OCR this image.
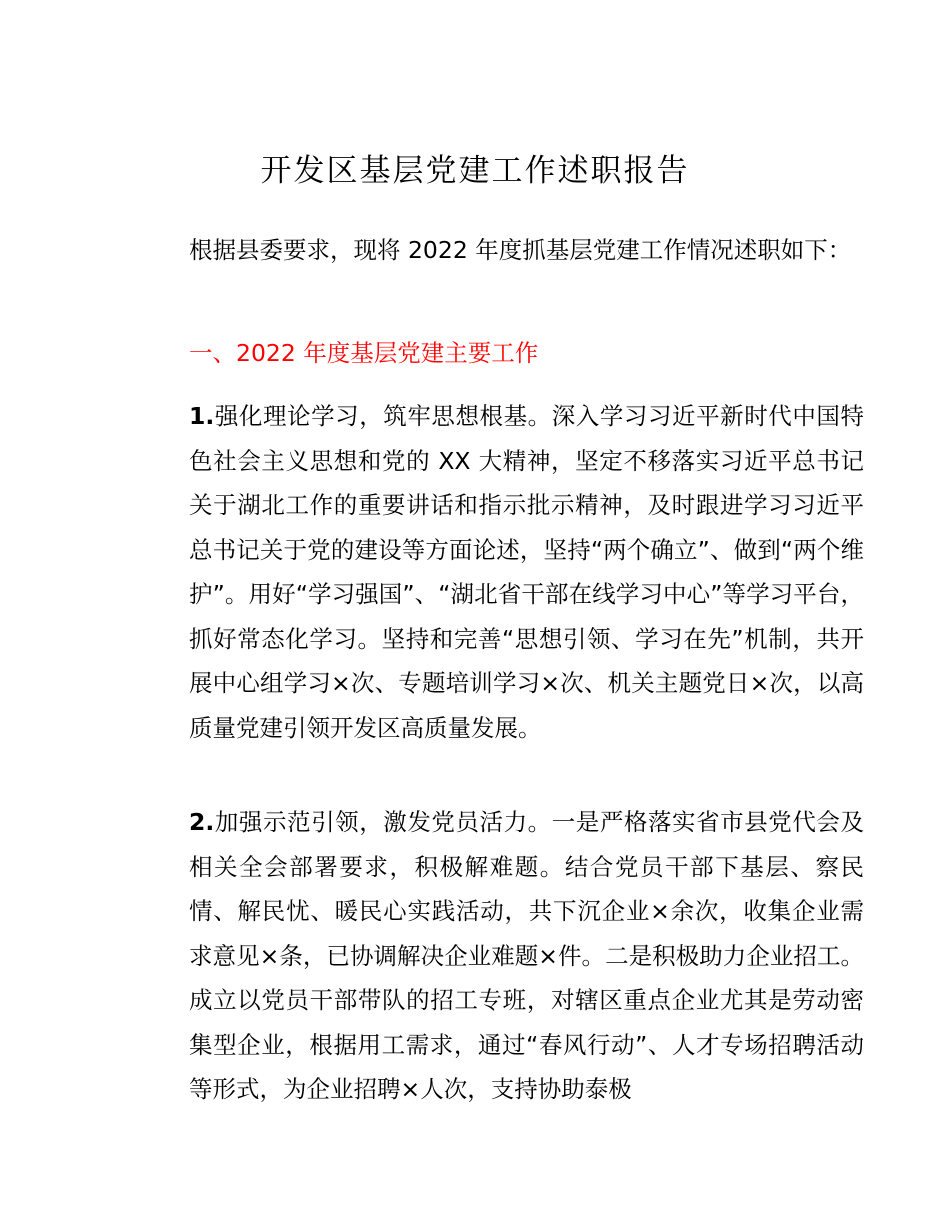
开发区基层党建工作述职报告

根据县委要求，现将 2022 年度抓基层党建工作情况述职如下：

一、2022 年度基层党建主要工作

1.强化理论学习，筑牢思想根基。深入学习习近平新时代中国特色社会主义思想和党的 XX 大精神，坚定不移落实习近平总书记关于湖北工作的重要讲话和指示批示精神，及时跟进学习习近平总书记关于党的建设等方面论述，坚持“两个确立”、做到“两个维护”。用好“学习强国”、“湖北省干部在线学习中心”等学习平台，抓好常态化学习。坚持和完善“思想引领、学习在先”机制，共开展中心组学习×次、专题培训学习×次、机关主题党日×次，以高质量党建引领开发区高质量发展。

2.加强示范引领，激发党员活力。一是严格落实省市县党代会及相关全会部署要求，积极解难题。结合党员干部下基层、察民情、解民忧、暖民心实践活动，共下沉企业×余次，收集企业需求意见×条，已协调解决企业难题×件。二是积极助力企业招工。成立以党员干部带队的招工专班，对辖区重点企业尤其是劳动密集型企业，根据用工需求，通过“春风行动”、人才专场招聘活动等形式，为企业招聘×人次，支持协助泰极
